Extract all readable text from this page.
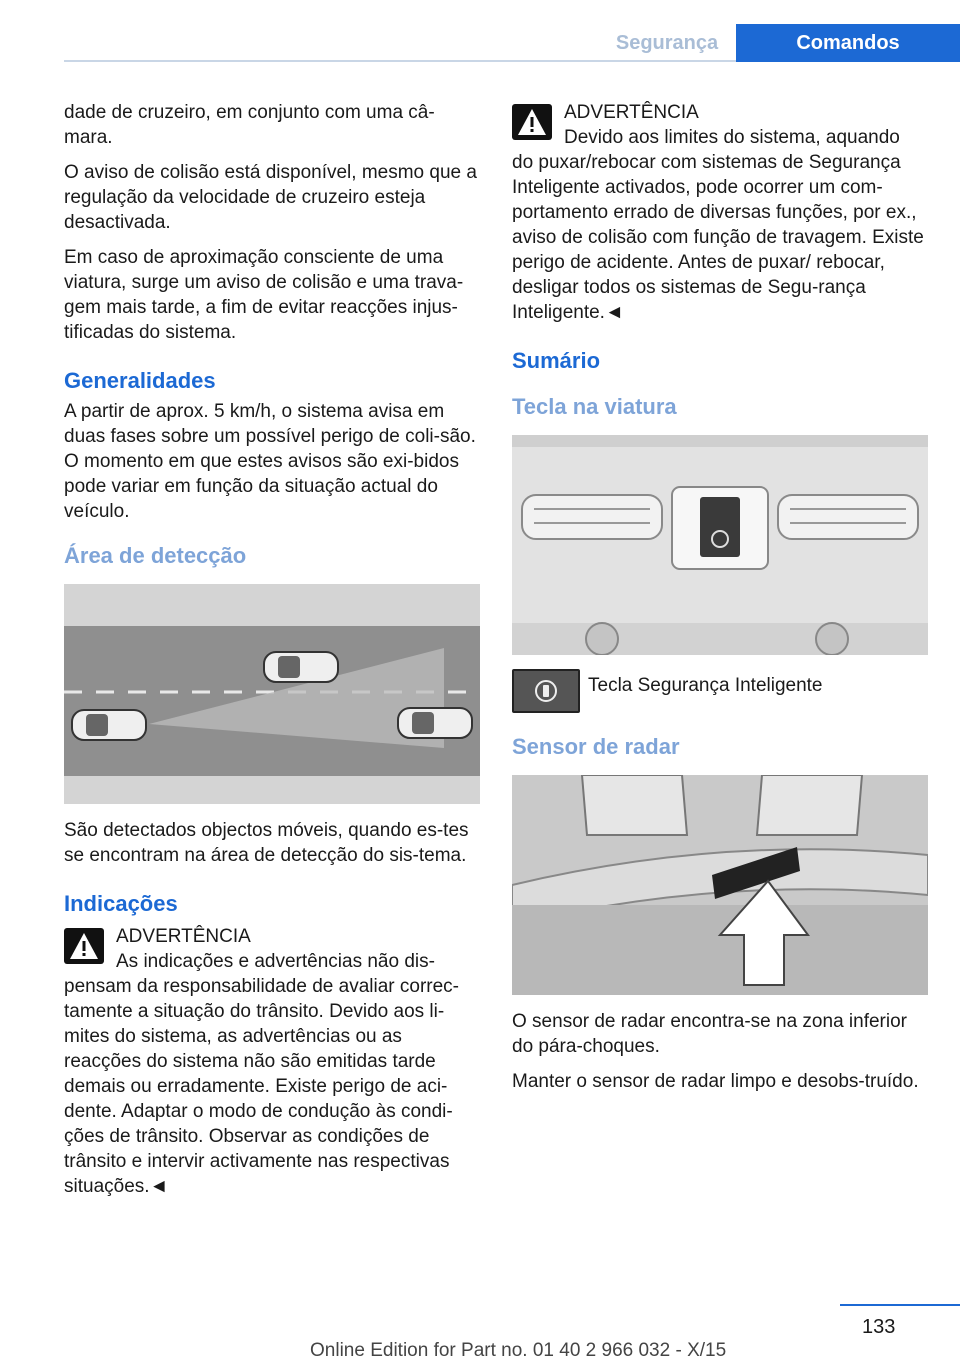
Segurança	Comandos

dade de cruzeiro, em conjunto com uma câ-mara.

O aviso de colisão está disponível, mesmo que a regulação da velocidade de cruzeiro esteja desactivada.

Em caso de aproximação consciente de uma viatura, surge um aviso de colisão e uma trava-gem mais tarde, a fim de evitar reacções injus-tificadas do sistema.

Generalidades

A partir de aprox. 5 km/h, o sistema avisa em duas fases sobre um possível perigo de coli-são. O momento em que estes avisos são exi-bidos pode variar em função da situação actual do veículo.

Área de detecção

São detectados objectos móveis, quando es-tes se encontram na área de detecção do sis-tema.

Indicações

ADVERTÊNCIA

As indicações e advertências não dis-

pensam da responsabilidade de avaliar correc-tamente a situação do trânsito. Devido aos li-mites do sistema, as advertências ou as reacções do sistema não são emitidas tarde demais ou erradamente. Existe perigo de aci-dente. Adaptar o modo de condução às condi-ções de trânsito. Observar as condições de trânsito e intervir activamente nas respectivas situações.◄

ADVERTÊNCIA

Devido aos limites do sistema, aquando

do puxar/rebocar com sistemas de Segurança Inteligente activados, pode ocorrer um com-portamento errado de diversas funções, por ex., aviso de colisão com função de travagem. Existe perigo de acidente. Antes de puxar/ rebocar, desligar todos os sistemas de Segu-rança Inteligente.◄

Sumário
Tecla na viatura
Tecla Segurança Inteligente
Sensor de radar

O sensor de radar encontra-se na zona inferior do pára-choques.

Manter o sensor de radar limpo e desobs-truído.

133
Online Edition for Part no. 01 40 2 966 032 - X/15
